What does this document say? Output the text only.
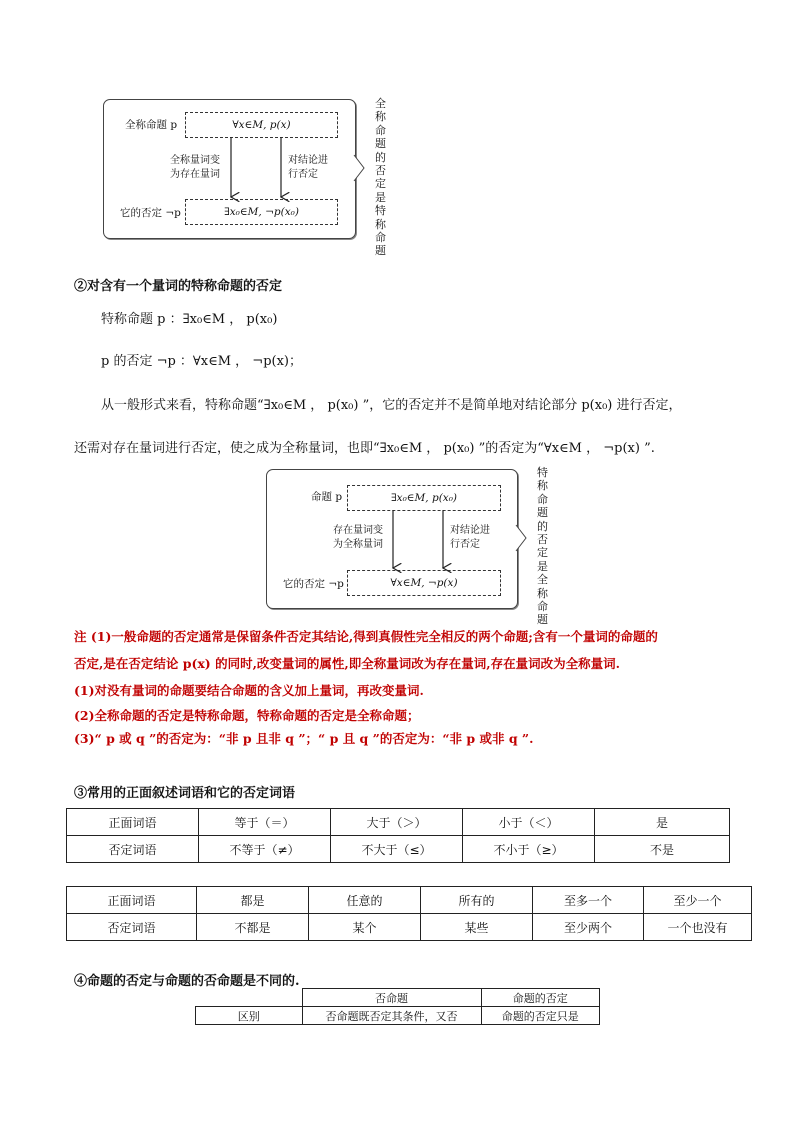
全称命题 p	∀x∈M, p(x)
全称量词变
为存在量词
对结论进
行否定
它的否定 ¬p	∃x₀∈M, ¬p(x₀)
全
称
命
题
的
否
定
是
特
称
命
题
②对含有一个量词的特称命题的否定
特称命题 p ：∃x₀∈M ， p(x₀)
p 的否定 ¬p ：∀x∈M ， ¬p(x)；
从一般形式来看，特称命题“∃x₀∈M ， p(x₀) ”，它的否定并不是简单地对结论部分 p(x₀) 进行否定，
还需对存在量词进行否定，使之成为全称量词，也即“∃x₀∈M ， p(x₀) ”的否定为“∀x∈M ， ¬p(x) ”.
命题 p	∃x₀∈M, p(x₀)
存在量词变
为全称量词
对结论进
行否定
它的否定 ¬p	∀x∈M, ¬p(x)
特
称
命
题
的
否
定
是
全
称
命
题
注 (1)一般命题的否定通常是保留条件否定其结论,得到真假性完全相反的两个命题;含有一个量词的命题的
否定,是在否定结论 p(x) 的同时,改变量词的属性,即全称量词改为存在量词,存在量词改为全称量词.
(1)对没有量词的命题要结合命题的含义加上量词，再改变量词.
(2)全称命题的否定是特称命题，特称命题的否定是全称命题；
(3)“ p 或 q ”的否定为：“非 p 且非 q ”；“ p 且 q ”的否定为：“非 p 或非 q ”.
③常用的正面叙述词语和它的否定词语
正面词语	等于（＝）	大于（＞）	小于（＜）	是
否定词语	不等于（≠）	不大于（≤）	不小于（≥）	不是
正面词语	都是	任意的	所有的	至多一个	至少一个
否定词语	不都是	某个	某些	至少两个	一个也没有
④命题的否定与命题的否命题是不同的.
	否命题	命题的否定
区别	否命题既否定其条件，又否	命题的否定只是
